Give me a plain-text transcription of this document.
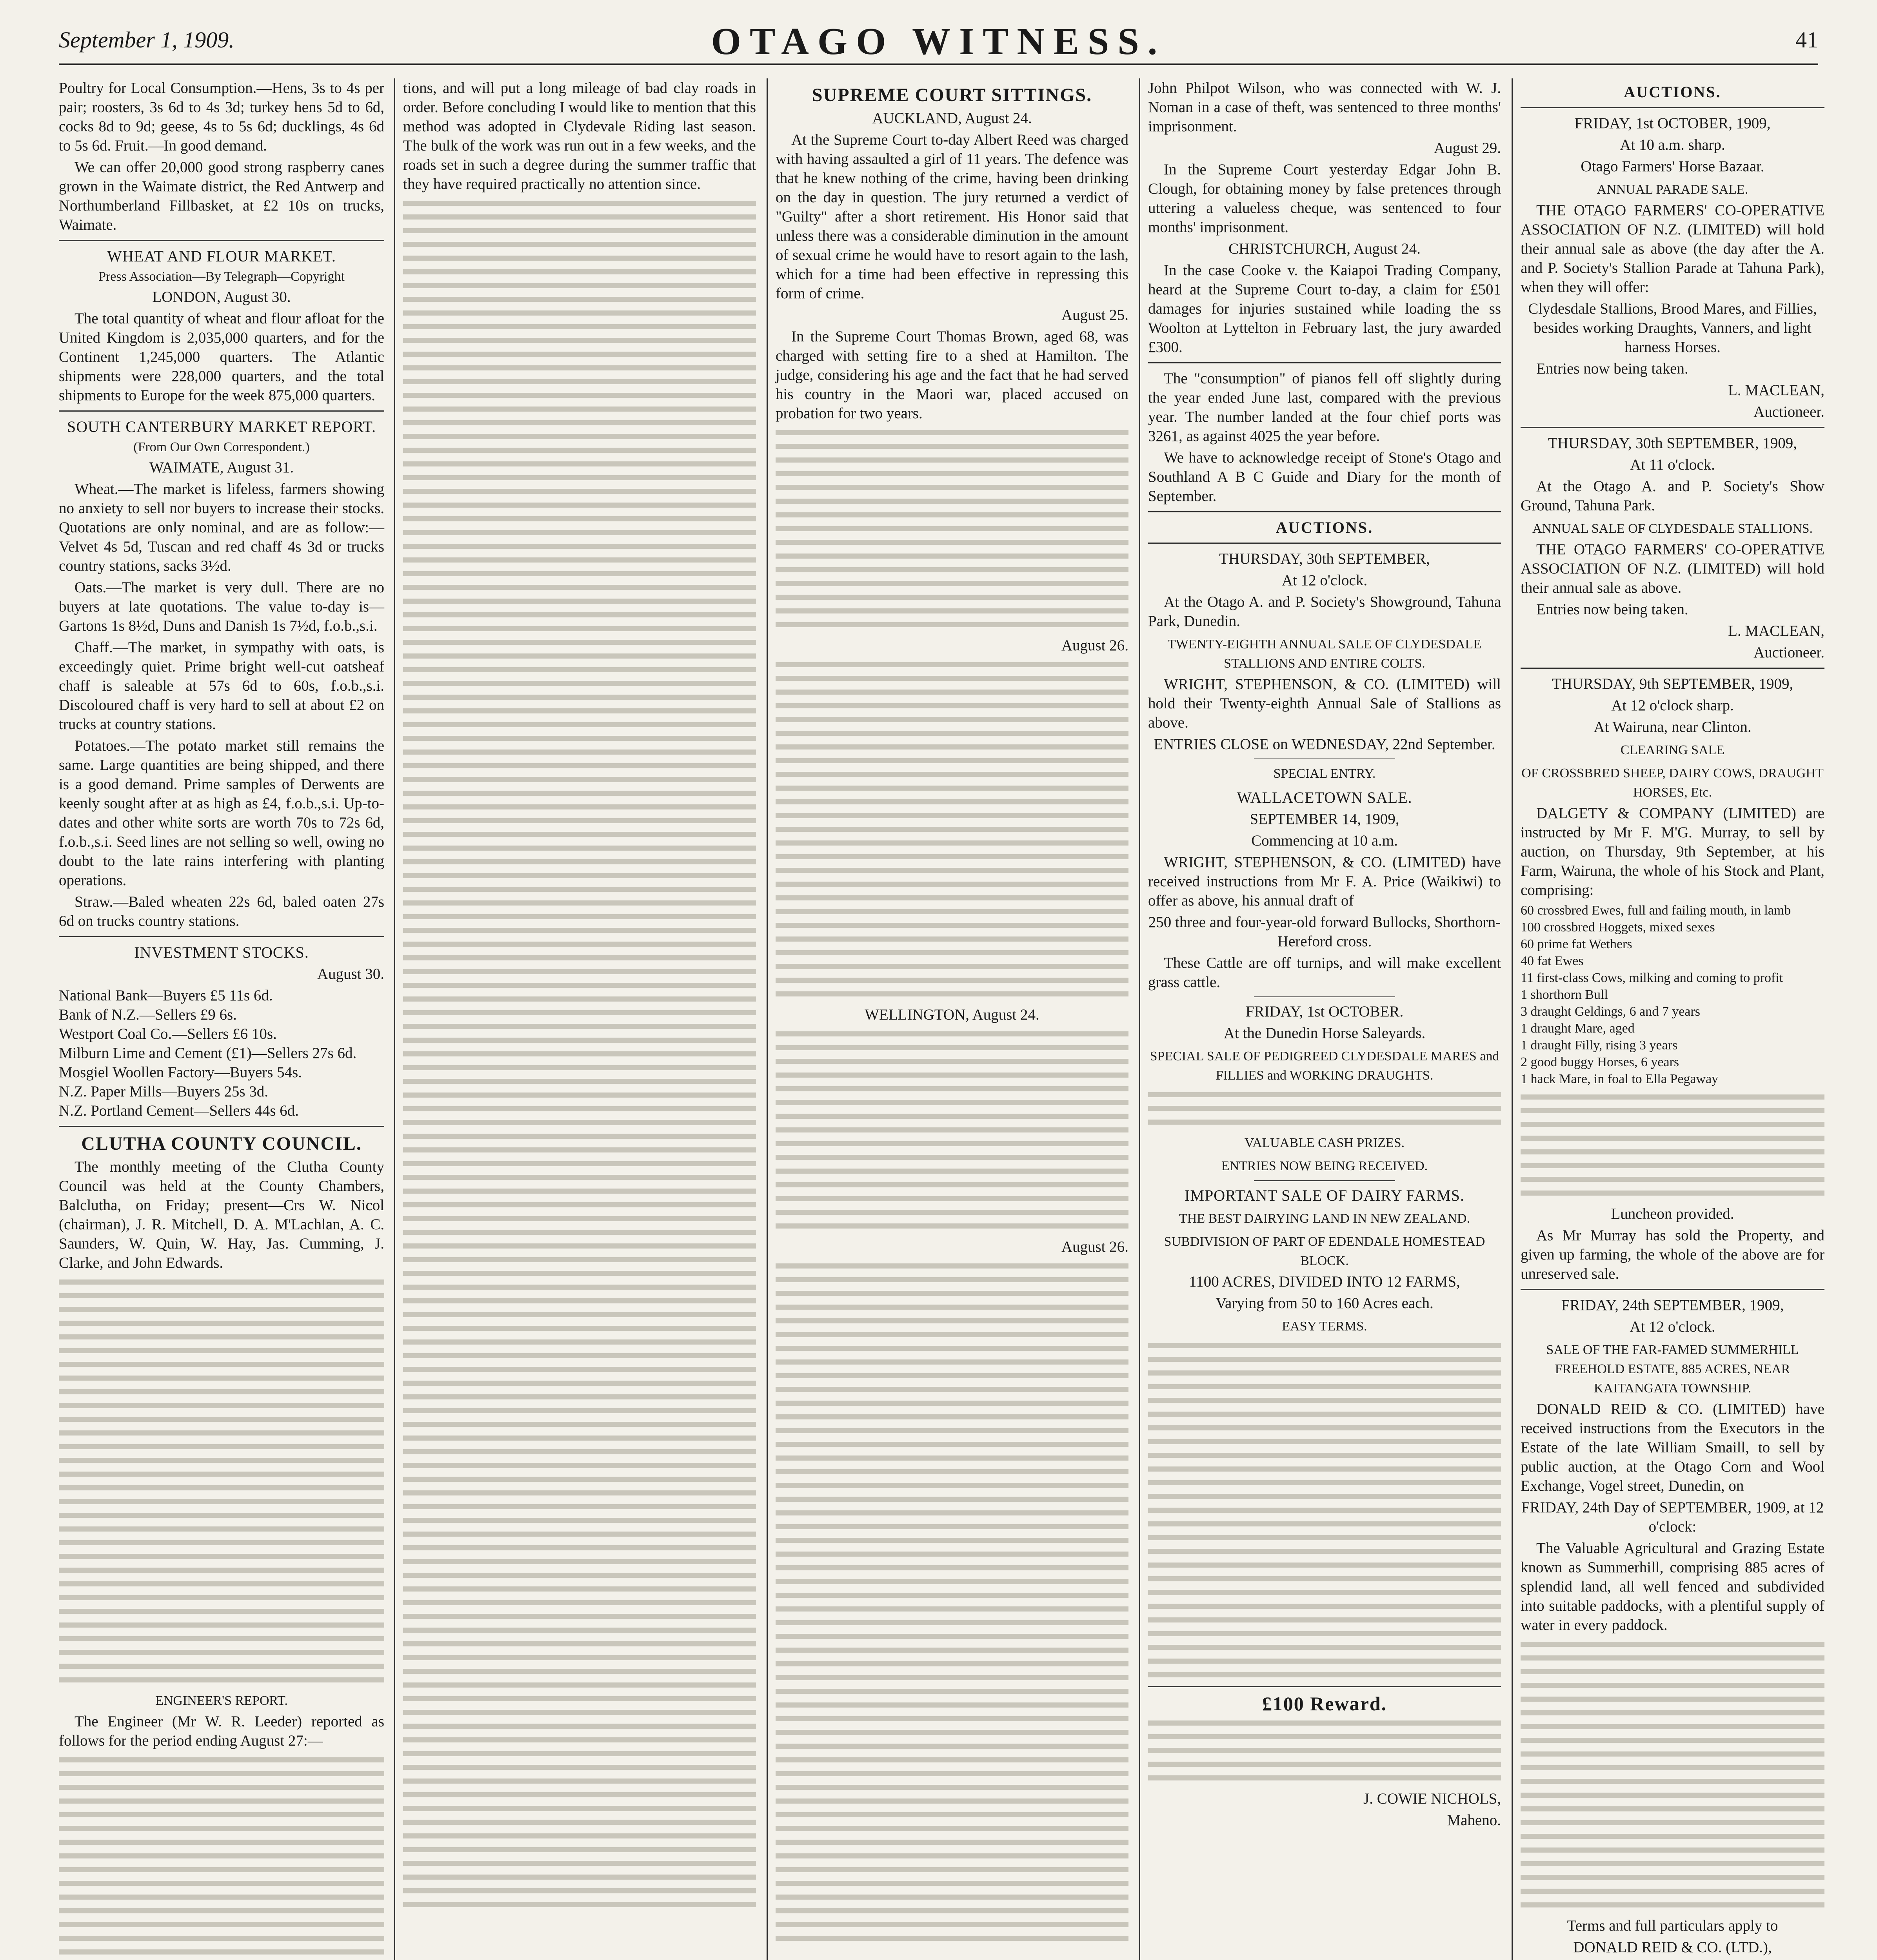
September 1, 1909.	OTAGO WITNESS.	41

Poultry for Local Consumption.—Hens, 3s to 4s per pair; roosters, 3s 6d to 4s 3d; turkey hens 5d to 6d, cocks 8d to 9d; geese, 4s to 5s 6d; ducklings, 4s 6d to 5s 6d. Fruit.—In good demand.

We can offer 20,000 good strong raspberry canes grown in the Waimate district, the Red Antwerp and Northumberland Fillbasket, at £2 10s on trucks, Waimate.

WHEAT AND FLOUR MARKET.

Press Association—By Telegraph—Copyright

LONDON, August 30.

The total quantity of wheat and flour afloat for the United Kingdom is 2,035,000 quarters, and for the Continent 1,245,000 quarters. The Atlantic shipments were 228,000 quarters, and the total shipments to Europe for the week 875,000 quarters.

SOUTH CANTERBURY MARKET REPORT.

(From Our Own Correspondent.)

WAIMATE, August 31.

Wheat.—The market is lifeless, farmers showing no anxiety to sell nor buyers to increase their stocks. Quotations are only nominal, and are as follow:—Velvet 4s 5d, Tuscan and red chaff 4s 3d or trucks country stations, sacks 3½d.

Oats.—The market is very dull. There are no buyers at late quotations. The value to-day is—Gartons 1s 8½d, Duns and Danish 1s 7½d, f.o.b.,s.i.

Chaff.—The market, in sympathy with oats, is exceedingly quiet. Prime bright well-cut oatsheaf chaff is saleable at 57s 6d to 60s, f.o.b.,s.i. Discoloured chaff is very hard to sell at about £2 on trucks at country stations.

Potatoes.—The potato market still remains the same. Large quantities are being shipped, and there is a good demand. Prime samples of Derwents are keenly sought after at as high as £4, f.o.b.,s.i. Up-to-dates and other white sorts are worth 70s to 72s 6d, f.o.b.,s.i. Seed lines are not selling so well, owing no doubt to the late rains interfering with planting operations.

Straw.—Baled wheaten 22s 6d, baled oaten 27s 6d on trucks country stations.

INVESTMENT STOCKS.

August 30.

National Bank—Buyers £5 11s 6d.
Bank of N.Z.—Sellers £9 6s.
Westport Coal Co.—Sellers £6 10s.
Milburn Lime and Cement (£1)—Sellers 27s 6d.
Mosgiel Woollen Factory—Buyers 54s.
N.Z. Paper Mills—Buyers 25s 3d.
N.Z. Portland Cement—Sellers 44s 6d.

CLUTHA COUNTY COUNCIL.

The monthly meeting of the Clutha County Council was held at the County Chambers, Balclutha, on Friday; present—Crs W. Nicol (chairman), J. R. Mitchell, D. A. M'Lachlan, A. C. Saunders, W. Quin, W. Hay, Jas. Cumming, J. Clarke, and John Edwards.

ENGINEER'S REPORT.

The Engineer (Mr W. R. Leeder) reported as follows for the period ending August 27:—

tions, and will put a long mileage of bad clay roads in order. Before concluding I would like to mention that this method was adopted in Clydevale Riding last season. The bulk of the work was run out in a few weeks, and the roads set in such a degree during the summer traffic that they have required practically no attention since.

SUPREME COURT SITTINGS.

AUCKLAND, August 24.

At the Supreme Court to-day Albert Reed was charged with having assaulted a girl of 11 years. The defence was that he knew nothing of the crime, having been drinking on the day in question. The jury returned a verdict of "Guilty" after a short retirement. His Honor said that unless there was a considerable diminution in the amount of sexual crime he would have to resort again to the lash, which for a time had been effective in repressing this form of crime.

August 25.

In the Supreme Court Thomas Brown, aged 68, was charged with setting fire to a shed at Hamilton. The judge, considering his age and the fact that he had served his country in the Maori war, placed accused on probation for two years.

August 26.

WELLINGTON, August 24.

August 26.

John Philpot Wilson, who was connected with W. J. Noman in a case of theft, was sentenced to three months' imprisonment.

August 29.

In the Supreme Court yesterday Edgar John B. Clough, for obtaining money by false pretences through uttering a valueless cheque, was sentenced to four months' imprisonment.

CHRISTCHURCH, August 24.

In the case Cooke v. the Kaiapoi Trading Company, heard at the Supreme Court to-day, a claim for £501 damages for injuries sustained while loading the ss Woolton at Lyttelton in February last, the jury awarded £300.

The "consumption" of pianos fell off slightly during the year ended June last, compared with the previous year. The number landed at the four chief ports was 3261, as against 4025 the year before.

We have to acknowledge receipt of Stone's Otago and Southland A B C Guide and Diary for the month of September.

AUCTIONS.

THURSDAY, 30th SEPTEMBER,

At 12 o'clock.

At the Otago A. and P. Society's Showground, Tahuna Park, Dunedin.

TWENTY-EIGHTH ANNUAL SALE OF CLYDESDALE STALLIONS AND ENTIRE COLTS.

WRIGHT, STEPHENSON, & CO. (LIMITED) will hold their Twenty-eighth Annual Sale of Stallions as above.

ENTRIES CLOSE on WEDNESDAY, 22nd September.

SPECIAL ENTRY.
WALLACETOWN SALE.

SEPTEMBER 14, 1909,

Commencing at 10 a.m.

WRIGHT, STEPHENSON, & CO. (LIMITED) have received instructions from Mr F. A. Price (Waikiwi) to offer as above, his annual draft of

250 three and four-year-old forward Bullocks, Shorthorn-Hereford cross.

These Cattle are off turnips, and will make excellent grass cattle.

FRIDAY, 1st OCTOBER.

At the Dunedin Horse Saleyards.

SPECIAL SALE OF PEDIGREED CLYDESDALE MARES and FILLIES and WORKING DRAUGHTS.
VALUABLE CASH PRIZES.
ENTRIES NOW BEING RECEIVED.
IMPORTANT SALE OF DAIRY FARMS.
THE BEST DAIRYING LAND IN NEW ZEALAND.
SUBDIVISION OF PART OF EDENDALE HOMESTEAD BLOCK.

1100 ACRES, DIVIDED INTO 12 FARMS,

Varying from 50 to 160 Acres each.

EASY TERMS.
£100 Reward.

J. COWIE NICHOLS,

Maheno.

AUCTIONS.

FRIDAY, 1st OCTOBER, 1909,

At 10 a.m. sharp.

Otago Farmers' Horse Bazaar.

ANNUAL PARADE SALE.

THE OTAGO FARMERS' CO-OPERATIVE ASSOCIATION OF N.Z. (LIMITED) will hold their annual sale as above (the day after the A. and P. Society's Stallion Parade at Tahuna Park), when they will offer:

Clydesdale Stallions, Brood Mares, and Fillies, besides working Draughts, Vanners, and light harness Horses.

Entries now being taken.

L. MACLEAN,

Auctioneer.

THURSDAY, 30th SEPTEMBER, 1909,

At 11 o'clock.

At the Otago A. and P. Society's Show Ground, Tahuna Park.

ANNUAL SALE OF CLYDESDALE STALLIONS.

THE OTAGO FARMERS' CO-OPERATIVE ASSOCIATION OF N.Z. (LIMITED) will hold their annual sale as above.

Entries now being taken.

L. MACLEAN,

Auctioneer.

THURSDAY, 9th SEPTEMBER, 1909,

At 12 o'clock sharp.

At Wairuna, near Clinton.

CLEARING SALE
OF CROSSBRED SHEEP, DAIRY COWS, DRAUGHT HORSES, Etc.

DALGETY & COMPANY (LIMITED) are instructed by Mr F. M'G. Murray, to sell by auction, on Thursday, 9th September, at his Farm, Wairuna, the whole of his Stock and Plant, comprising:

60 crossbred Ewes, full and failing mouth, in lamb
100 crossbred Hoggets, mixed sexes
60 prime fat Wethers
40 fat Ewes
11 first-class Cows, milking and coming to profit
1 shorthorn Bull
3 draught Geldings, 6 and 7 years
1 draught Mare, aged
1 draught Filly, rising 3 years
2 good buggy Horses, 6 years
1 hack Mare, in foal to Ella Pegaway

Luncheon provided.

As Mr Murray has sold the Property, and given up farming, the whole of the above are for unreserved sale.

FRIDAY, 24th SEPTEMBER, 1909,

At 12 o'clock.

SALE OF THE FAR-FAMED SUMMERHILL FREEHOLD ESTATE, 885 ACRES, NEAR KAITANGATA TOWNSHIP.

DONALD REID & CO. (LIMITED) have received instructions from the Executors in the Estate of the late William Smaill, to sell by public auction, at the Otago Corn and Wool Exchange, Vogel street, Dunedin, on

FRIDAY, 24th Day of SEPTEMBER, 1909, at 12 o'clock:

The Valuable Agricultural and Grazing Estate known as Summerhill, comprising 885 acres of splendid land, all well fenced and subdivided into suitable paddocks, with a plentiful supply of water in every paddock.

Terms and full particulars apply to

DONALD REID & CO. (LTD.),
